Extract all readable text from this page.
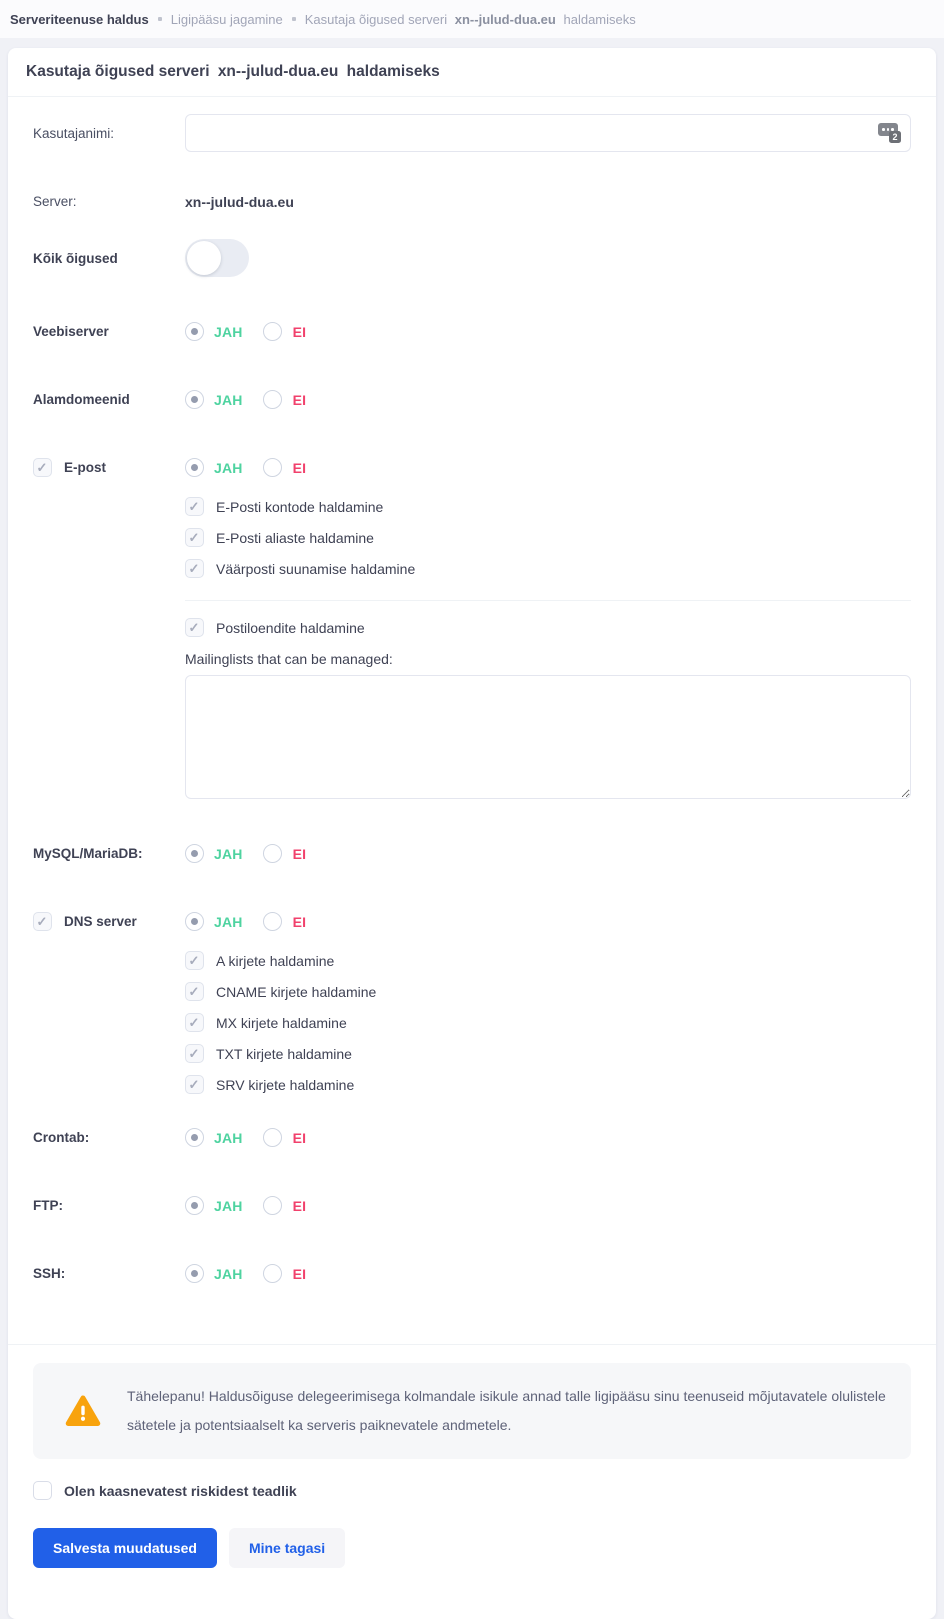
Serveriteenuse haldus Ligipääsu jagamine Kasutaja õigused serveri xn--julud-dua.eu haldamiseks
Kasutaja õigused serveri xn--julud-dua.eu haldamiseks
Kasutajanimi:	2
Server:	xn--julud-dua.eu
Kõik õigused
Veebiserver	JAH	EI
Alamdomeenid	JAH	EI
✓
E-post	JAH	EI
✓
E-Posti kontode haldamine
✓
E-Posti aliaste haldamine
✓
Väärposti suunamise haldamine
✓
Postiloendite haldamine
Mailinglists that can be managed:
MySQL/MariaDB:	JAH	EI
✓
DNS server	JAH	EI
✓
A kirjete haldamine
✓
CNAME kirjete haldamine
✓
MX kirjete haldamine
✓
TXT kirjete haldamine
✓
SRV kirjete haldamine
Crontab:	JAH	EI
FTP:	JAH	EI
SSH:	JAH	EI
Tähelepanu! Haldusõiguse delegeerimisega kolmandale isikule annad talle ligipääsu sinu teenuseid mõjutavatele olulistele sätetele ja potentsiaalselt ka serveris paiknevatele andmetele.
Olen kaasnevatest riskidest teadlik
Salvesta muudatused	Mine tagasi
